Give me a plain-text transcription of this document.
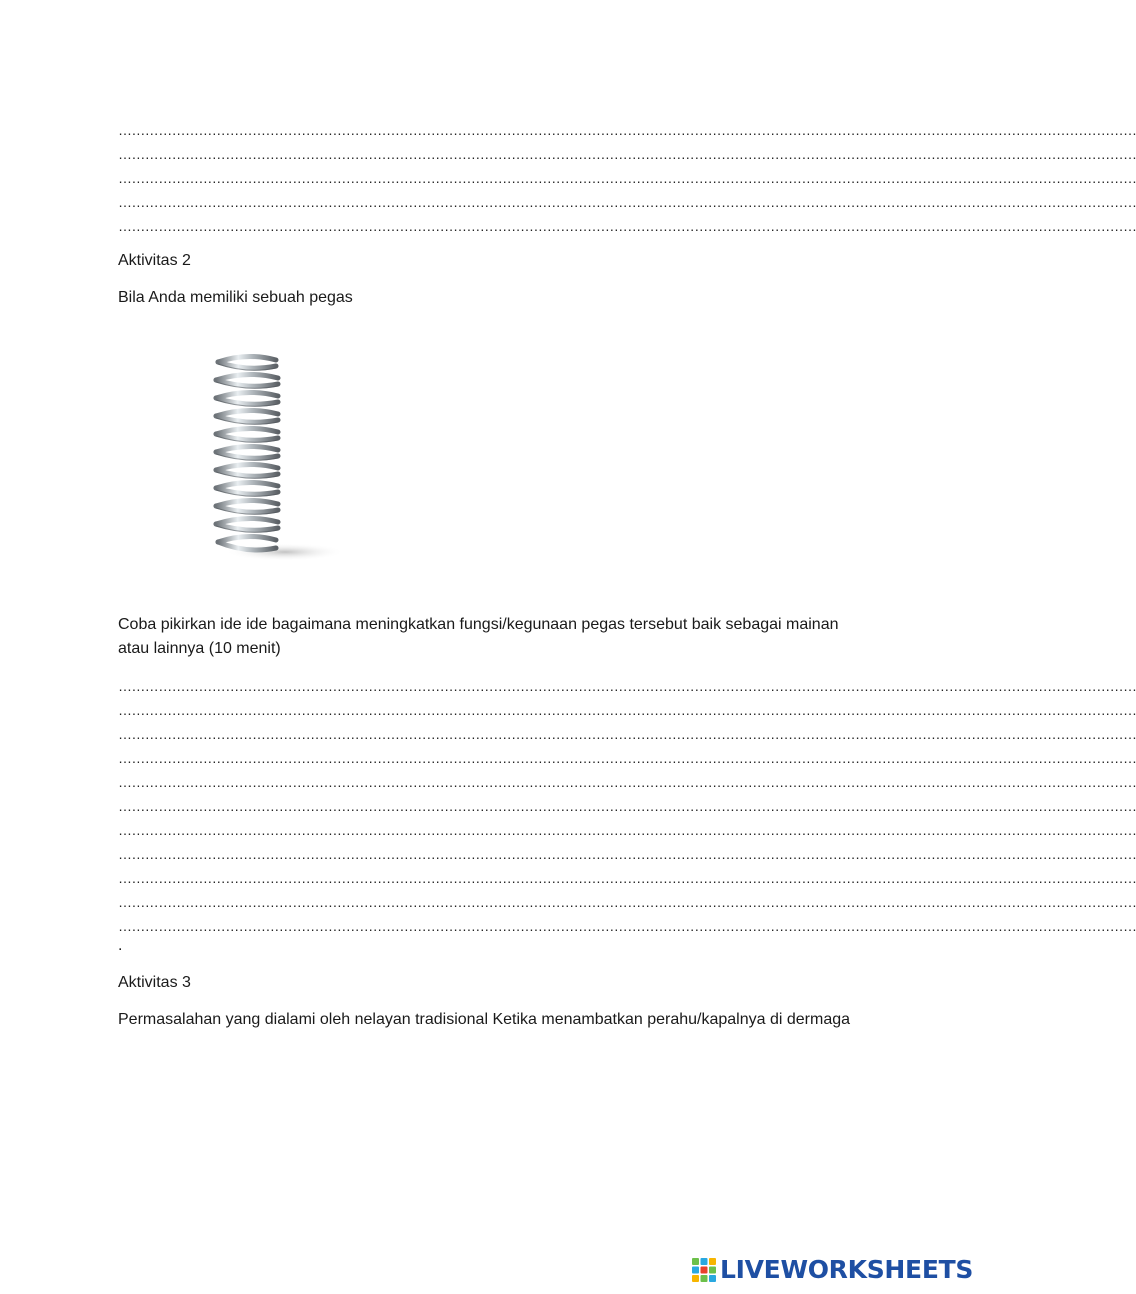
…………………………………………………………………………………………………………………………………………………………………………………………………………
…………………………………………………………………………………………………………………………………………………………………………………………………………
…………………………………………………………………………………………………………………………………………………………………………………………………………
…………………………………………………………………………………………………………………………………………………………………………………………………………
…………………………………………………………………………………………………………………………………………………………………………………………………………
Aktivitas 2
Bila Anda memiliki sebuah pegas
Coba pikirkan ide ide bagaimana meningkatkan fungsi/kegunaan pegas tersebut baik sebagai mainan
atau lainnya (10 menit)
…………………………………………………………………………………………………………………………………………………………………………………………………………
…………………………………………………………………………………………………………………………………………………………………………………………………………
…………………………………………………………………………………………………………………………………………………………………………………………………………
…………………………………………………………………………………………………………………………………………………………………………………………………………
…………………………………………………………………………………………………………………………………………………………………………………………………………
…………………………………………………………………………………………………………………………………………………………………………………………………………
…………………………………………………………………………………………………………………………………………………………………………………………………………
…………………………………………………………………………………………………………………………………………………………………………………………………………
…………………………………………………………………………………………………………………………………………………………………………………………………………
…………………………………………………………………………………………………………………………………………………………………………………………………………
…………………………………………………………………………………………………………………………………………………………………………………………………………
.
Aktivitas 3
Permasalahan yang dialami oleh nelayan tradisional Ketika menambatkan perahu/kapalnya di dermaga
LIVEWORKSHEETS
